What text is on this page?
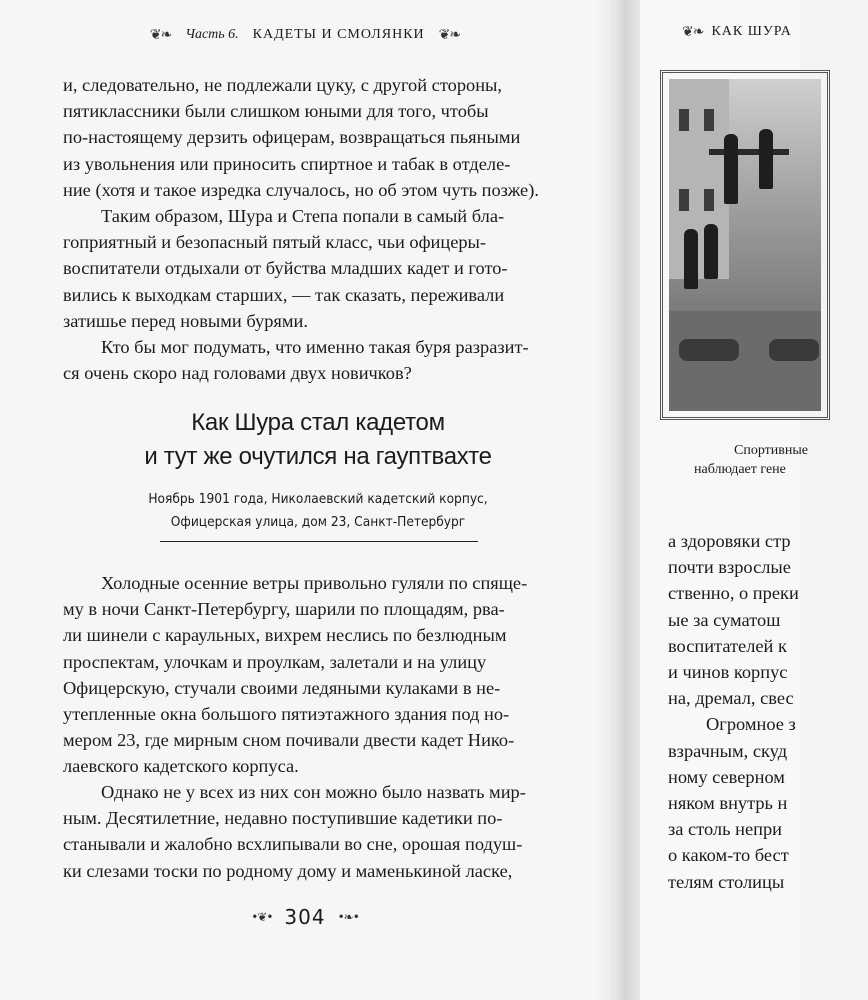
❦❧ Часть 6. КАДЕТЫ И СМОЛЯНКИ ❦❧

и, следовательно, не подлежали цуку, с другой стороны,

пятиклассники были слишком юными для того, чтобы

по-настоящему дерзить офицерам, возвращаться пьяными

из увольнения или приносить спиртное и табак в отделе-

ние (хотя и такое изредка случалось, но об этом чуть позже).

Таким образом, Шура и Степа попали в самый бла-

гоприятный и безопасный пятый класс, чьи офицеры-

воспитатели отдыхали от буйства младших кадет и гото-

вились к выходкам старших, — так сказать, переживали

затишье перед новыми бурями.

Кто бы мог подумать, что именно такая буря разразит-

ся очень скоро над головами двух новичков?

Как Шура стал кадетом
и тут же очутился на гауптвахте
Ноябрь 1901 года, Николаевский кадетский корпус,
Офицерская улица, дом 23, Санкт-Петербург

Холодные осенние ветры привольно гуляли по спяще-

му в ночи Санкт-Петербургу, шарили по площадям, рва-

ли шинели с караульных, вихрем неслись по безлюдным

проспектам, улочкам и проулкам, залетали и на улицу

Офицерскую, стучали своими ледяными кулаками в не-

утепленные окна большого пятиэтажного здания под но-

мером 23, где мирным сном почивали двести кадет Нико-

лаевского кадетского корпуса.

Однако не у всех из них сон можно было назвать мир-

ным. Десятилетние, недавно поступившие кадетики по-

станывали и жалобно всхлипывали во сне, орошая подуш-

ки слезами тоски по родному дому и маменькиной ласке,

•❦• 304 •❧•
❦❧ КАК ШУРА
Спортивные
наблюдает гене
а здоровяки стр
почти взрослые
ственно, о преки
ые за суматош
воспитателей к
и чинов корпус
на, дремал, свес
Огромное з
взрачным, скуд
номy северном
няком внутрь н
за столь непри
о каком-то бест
телям столицы
